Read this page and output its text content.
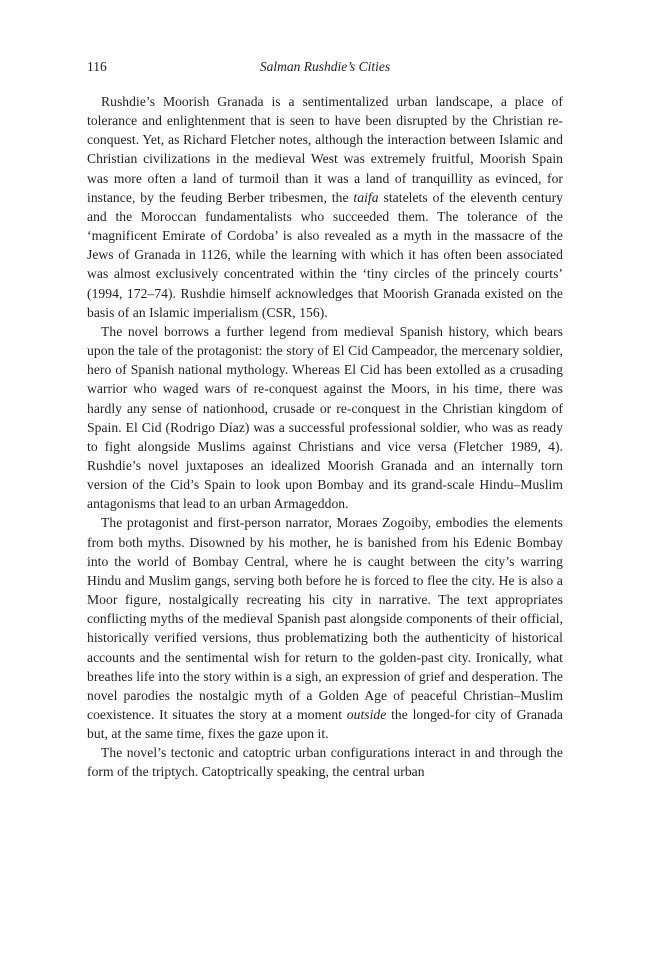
116	Salman Rushdie’s Cities

Rushdie’s Moorish Granada is a sentimentalized urban landscape, a place of tolerance and enlightenment that is seen to have been disrupted by the Christian re-conquest. Yet, as Richard Fletcher notes, although the interaction between Islamic and Christian civilizations in the medieval West was extremely fruitful, Moorish Spain was more often a land of turmoil than it was a land of tranquillity as evinced, for instance, by the feuding Berber tribesmen, the taifa statelets of the eleventh century and the Moroccan fundamentalists who succeeded them. The tolerance of the ‘magnificent Emirate of Cordoba’ is also revealed as a myth in the massacre of the Jews of Granada in 1126, while the learning with which it has often been associated was almost exclusively concentrated within the ‘tiny circles of the princely courts’ (1994, 172–74). Rushdie himself acknowledges that Moorish Granada existed on the basis of an Islamic imperialism (CSR, 156).

The novel borrows a further legend from medieval Spanish history, which bears upon the tale of the protagonist: the story of El Cid Campeador, the mercenary soldier, hero of Spanish national mythology. Whereas El Cid has been extolled as a crusading warrior who waged wars of re-conquest against the Moors, in his time, there was hardly any sense of nationhood, crusade or re-conquest in the Christian kingdom of Spain. El Cid (Rodrigo Díaz) was a successful professional soldier, who was as ready to fight alongside Muslims against Christians and vice versa (Fletcher 1989, 4). Rushdie’s novel juxtaposes an idealized Moorish Granada and an internally torn version of the Cid’s Spain to look upon Bombay and its grand-scale Hindu–Muslim antagonisms that lead to an urban Armageddon.

The protagonist and first-person narrator, Moraes Zogoiby, embodies the elements from both myths. Disowned by his mother, he is banished from his Edenic Bombay into the world of Bombay Central, where he is caught between the city’s warring Hindu and Muslim gangs, serving both before he is forced to flee the city. He is also a Moor figure, nostalgically recreating his city in narrative. The text appropriates conflicting myths of the medieval Spanish past alongside components of their official, historically verified versions, thus problematizing both the authenticity of historical accounts and the sentimental wish for return to the golden-past city. Ironically, what breathes life into the story within is a sigh, an expression of grief and desperation. The novel parodies the nostalgic myth of a Golden Age of peaceful Christian–Muslim coexistence. It situates the story at a moment outside the longed-for city of Granada but, at the same time, fixes the gaze upon it.

The novel’s tectonic and catoptric urban configurations interact in and through the form of the triptych. Catoptrically speaking, the central urban
